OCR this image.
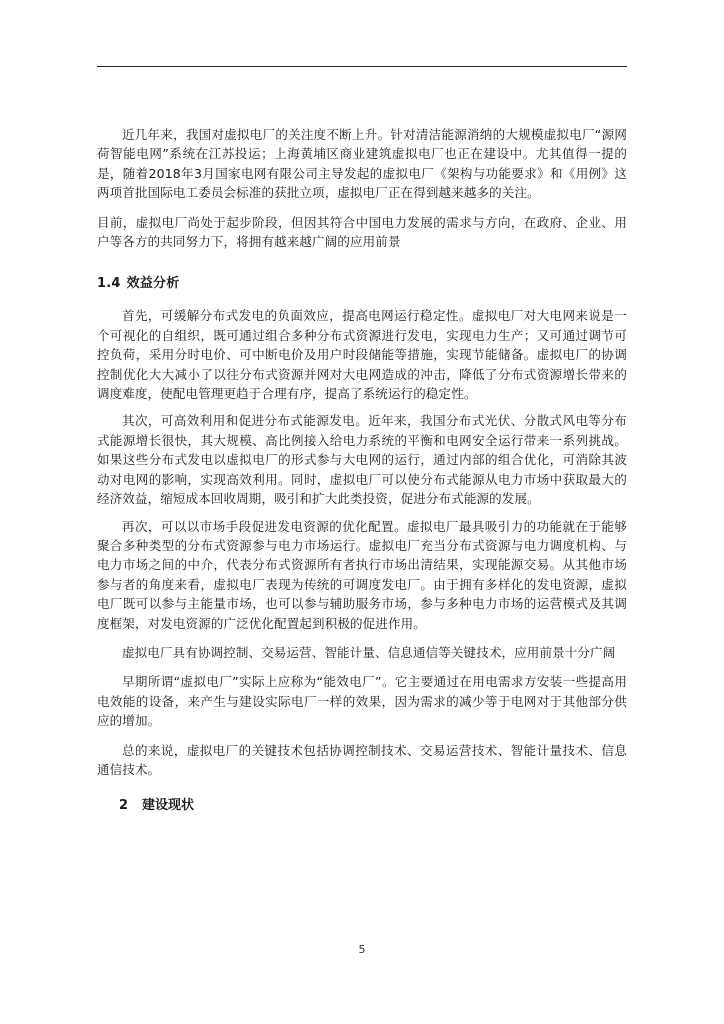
近几年来，我国对虚拟电厂的关注度不断上升。针对清洁能源消纳的大规模虚拟电厂“源网荷智能电网”系统在江苏投运；上海黄埔区商业建筑虚拟电厂也正在建设中。尤其值得一提的是，随着2018年3月国家电网有限公司主导发起的虚拟电厂《架构与功能要求》和《用例》这两项首批国际电工委员会标准的获批立项，虚拟电厂正在得到越来越多的关注。

目前，虚拟电厂尚处于起步阶段，但因其符合中国电力发展的需求与方向，在政府、企业、用户等各方的共同努力下，将拥有越来越广阔的应用前景

1.4 效益分析

首先，可缓解分布式发电的负面效应，提高电网运行稳定性。虚拟电厂对大电网来说是一个可视化的自组织，既可通过组合多种分布式资源进行发电，实现电力生产；又可通过调节可控负荷，采用分时电价、可中断电价及用户时段储能等措施，实现节能储备。虚拟电厂的协调控制优化大大减小了以往分布式资源并网对大电网造成的冲击，降低了分布式资源增长带来的调度难度，使配电管理更趋于合理有序，提高了系统运行的稳定性。

其次，可高效利用和促进分布式能源发电。近年来，我国分布式光伏、分散式风电等分布式能源增长很快，其大规模、高比例接入给电力系统的平衡和电网安全运行带来一系列挑战。如果这些分布式发电以虚拟电厂的形式参与大电网的运行，通过内部的组合优化，可消除其波动对电网的影响，实现高效利用。同时，虚拟电厂可以使分布式能源从电力市场中获取最大的经济效益，缩短成本回收周期，吸引和扩大此类投资，促进分布式能源的发展。

再次，可以以市场手段促进发电资源的优化配置。虚拟电厂最具吸引力的功能就在于能够聚合多种类型的分布式资源参与电力市场运行。虚拟电厂充当分布式资源与电力调度机构、与电力市场之间的中介，代表分布式资源所有者执行市场出清结果，实现能源交易。从其他市场参与者的角度来看，虚拟电厂表现为传统的可调度发电厂。由于拥有多样化的发电资源，虚拟电厂既可以参与主能量市场，也可以参与辅助服务市场，参与多种电力市场的运营模式及其调度框架，对发电资源的广泛优化配置起到积极的促进作用。

虚拟电厂具有协调控制、交易运营、智能计量、信息通信等关键技术，应用前景十分广阔

早期所谓“虚拟电厂”实际上应称为“能效电厂”。它主要通过在用电需求方安装一些提高用电效能的设备，来产生与建设实际电厂一样的效果，因为需求的减少等于电网对于其他部分供应的增加。

总的来说，虚拟电厂的关键技术包括协调控制技术、交易运营技术、智能计量技术、信息通信技术。

2 建设现状
5
